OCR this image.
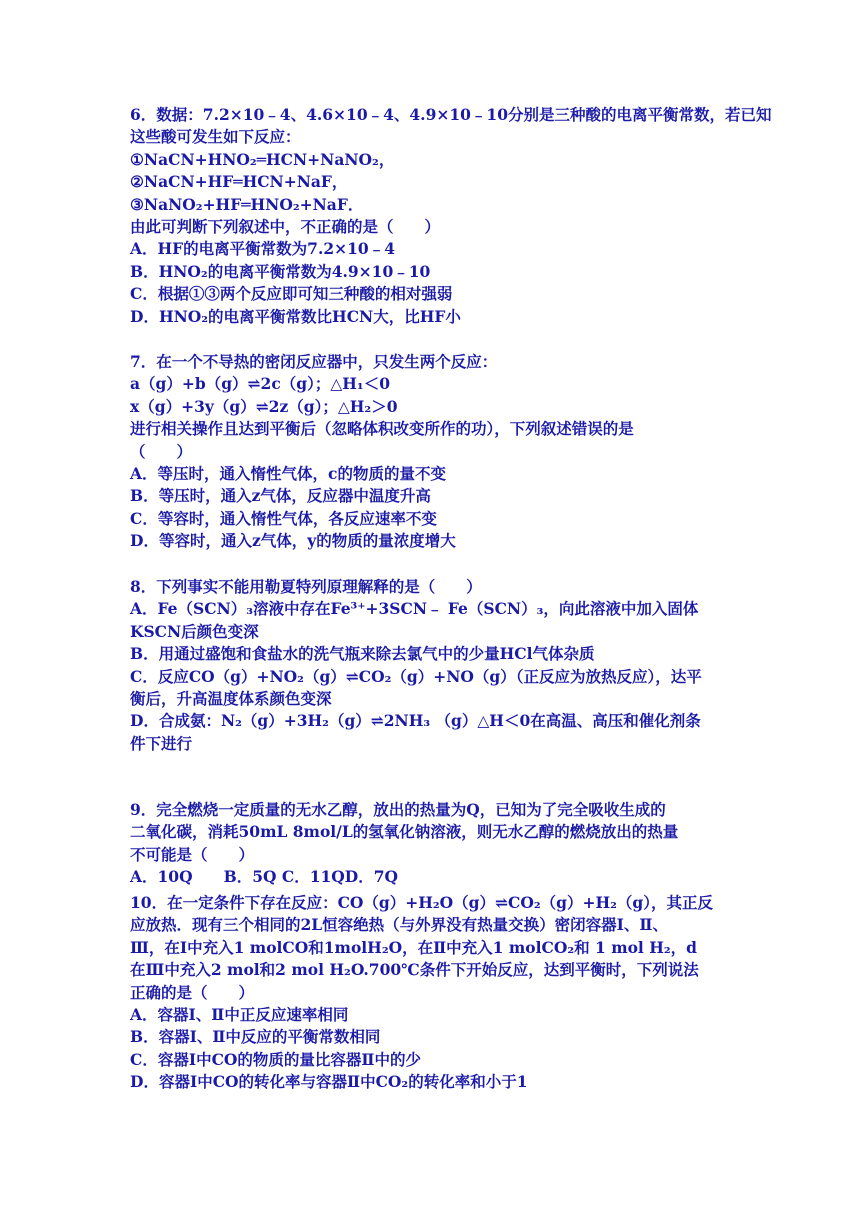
6．数据：7.2×10﹣4、4.6×10﹣4、4.9×10﹣10分别是三种酸的电离平衡常数，若已知
这些酸可发生如下反应：
①NaCN+HNO₂═HCN+NaNO₂，
②NaCN+HF═HCN+NaF，
③NaNO₂+HF═HNO₂+NaF．
由此可判断下列叙述中，不正确的是（　　）
A．HF的电离平衡常数为7.2×10﹣4
B．HNO₂的电离平衡常数为4.9×10﹣10
C．根据①③两个反应即可知三种酸的相对强弱
D．HNO₂的电离平衡常数比HCN大，比HF小
7．在一个不导热的密闭反应器中，只发生两个反应：
a（g）+b（g）⇌2c（g）；△H₁＜0
x（g）+3y（g）⇌2z（g）；△H₂＞0
进行相关操作且达到平衡后（忽略体积改变所作的功），下列叙述错误的是
（　　）
A．等压时，通入惰性气体，c的物质的量不变
B．等压时，通入z气体，反应器中温度升高
C．等容时，通入惰性气体，各反应速率不变
D．等容时，通入z气体，y的物质的量浓度增大
8．下列事实不能用勒夏特列原理解释的是（　　）
A．Fe（SCN）₃溶液中存在Fe³⁺+3SCN﹣ Fe（SCN）₃，向此溶液中加入固体
KSCN后颜色变深
B．用通过盛饱和食盐水的洗气瓶来除去氯气中的少量HCl气体杂质
C．反应CO（g）+NO₂（g）⇌CO₂（g）+NO（g）（正反应为放热反应），达平
衡后，升高温度体系颜色变深
D．合成氨：N₂（g）+3H₂（g）⇌2NH₃ （g）△H＜0在高温、高压和催化剂条
件下进行
9．完全燃烧一定质量的无水乙醇，放出的热量为Q，已知为了完全吸收生成的
二氧化碳，消耗50mL 8mol/L的氢氧化钠溶液，则无水乙醇的燃烧放出的热量
不可能是（　　）
A．10Q　　B．5Q C．11QD．7Q
10．在一定条件下存在反应：CO（g）+H₂O（g）⇌CO₂（g）+H₂（g），其正反
应放热．现有三个相同的2L恒容绝热（与外界没有热量交换）密闭容器Ⅰ、Ⅱ、
Ⅲ，在Ⅰ中充入1 molCO和1molH₂O，在Ⅱ中充入1 molCO₂和 1 mol H₂，d
在Ⅲ中充入2 mol和2 mol H₂O.700℃条件下开始反应，达到平衡时，下列说法
正确的是（　　）
A．容器Ⅰ、Ⅱ中正反应速率相同
B．容器Ⅰ、Ⅱ中反应的平衡常数相同
C．容器Ⅰ中CO的物质的量比容器Ⅱ中的少
D．容器Ⅰ中CO的转化率与容器Ⅱ中CO₂的转化率和小于1
